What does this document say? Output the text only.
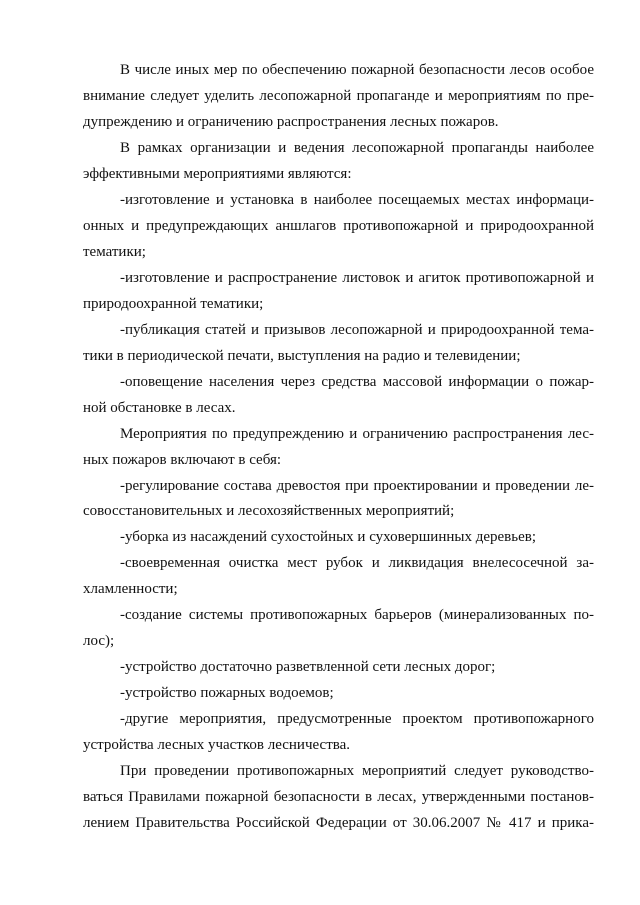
В числе иных мер по обеспечению пожарной безопасности лесов особое
внимание следует уделить лесопожарной пропаганде и мероприятиям по пре-
дупреждению и ограничению распространения лесных пожаров.
В рамках организации и ведения лесопожарной пропаганды наиболее
эффективными мероприятиями являются:
-изготовление и установка в наиболее посещаемых местах информаци-
онных и предупреждающих аншлагов противопожарной и природоохранной
тематики;
-изготовление и распространение листовок и агиток противопожарной и
природоохранной тематики;
-публикация статей и призывов лесопожарной и природоохранной тема-
тики в периодической печати, выступления на радио и телевидении;
-оповещение населения через средства массовой информации о пожар-
ной обстановке в лесах.
Мероприятия по предупреждению и ограничению распространения лес-
ных пожаров включают в себя:
-регулирование состава древостоя при проектировании и проведении ле-
совосстановительных и лесохозяйственных мероприятий;
-уборка из насаждений сухостойных и суховершинных деревьев;
-своевременная очистка мест рубок и ликвидация внелесосечной за-
хламленности;
-создание системы противопожарных барьеров (минерализованных по-
лос);
-устройство достаточно разветвленной сети лесных дорог;
-устройство пожарных водоемов;
-другие мероприятия, предусмотренные проектом противопожарного
устройства лесных участков лесничества.
При проведении противопожарных мероприятий следует руководство-
ваться Правилами пожарной безопасности в лесах, утвержденными постанов-
лением Правительства Российской Федерации от 30.06.2007 № 417 и прика-
